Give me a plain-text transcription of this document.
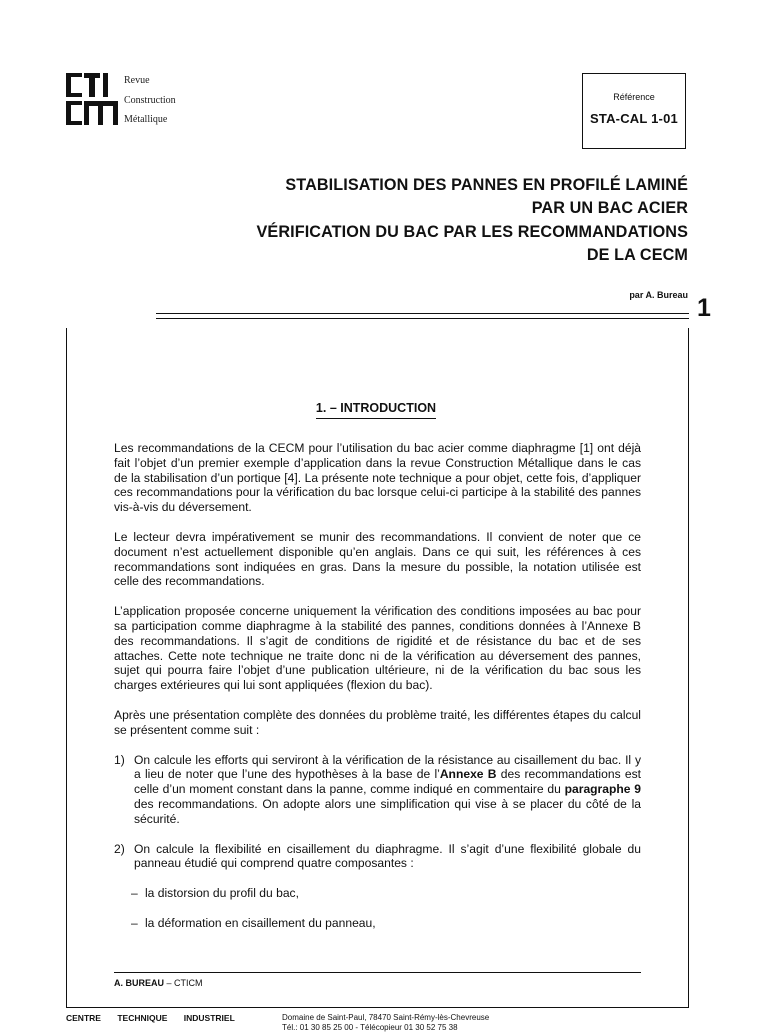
Revue
Construction
Métallique
Référence
STA-CAL 1-01
STABILISATION DES PANNES EN PROFILÉ LAMINÉ
PAR UN BAC ACIER
VÉRIFICATION DU BAC PAR LES RECOMMANDATIONS
DE LA CECM
par A. Bureau 1
1. – INTRODUCTION

Les recommandations de la CECM pour l’utilisation du bac acier comme diaphragme [1] ont déjà fait l’objet d’un premier exemple d’application dans la revue Construction Métallique dans le cas de la stabilisation d’un portique [4]. La présente note technique a pour objet, cette fois, d’appliquer ces recommandations pour la vérification du bac lorsque celui-ci participe à la stabilité des pannes vis-à-vis du déversement.

Le lecteur devra impérativement se munir des recommandations. Il convient de noter que ce document n’est actuellement disponible qu’en anglais. Dans ce qui suit, les références à ces recommandations sont indiquées en gras. Dans la mesure du possible, la notation utilisée est celle des recommandations.

L’application proposée concerne uniquement la vérification des conditions imposées au bac pour sa participation comme diaphragme à la stabilité des pannes, conditions données à l’Annexe B des recommandations. Il s’agit de conditions de rigidité et de résistance du bac et de ses attaches. Cette note technique ne traite donc ni de la vérification au déversement des pannes, sujet qui pourra faire l’objet d’une publication ultérieure, ni de la vérification du bac sous les charges extérieures qui lui sont appliquées (flexion du bac).

Après une présentation complète des données du problème traité, les différentes étapes du calcul se présentent comme suit :

1) On calcule les efforts qui serviront à la vérification de la résistance au cisaillement du bac. Il y a lieu de noter que l’une des hypothèses à la base de l’Annexe B des recommandations est celle d’un moment constant dans la panne, comme indiqué en commentaire du paragraphe 9 des recommandations. On adopte alors une simplification qui vise à se placer du côté de la sécurité.
2) On calcule la flexibilité en cisaillement du diaphragme. Il s’agit d’une flexibilité globale du panneau étudié qui comprend quatre composantes :
– la distorsion du profil du bac,
– la déformation en cisaillement du panneau,
A. BUREAU – CTICM
CENTRE TECHNIQUE INDUSTRIEL	Domaine de Saint-Paul, 78470 Saint-Rémy-lès-Chevreuse
Tél.: 01 30 85 25 00 - Télécopieur 01 30 52 75 38
